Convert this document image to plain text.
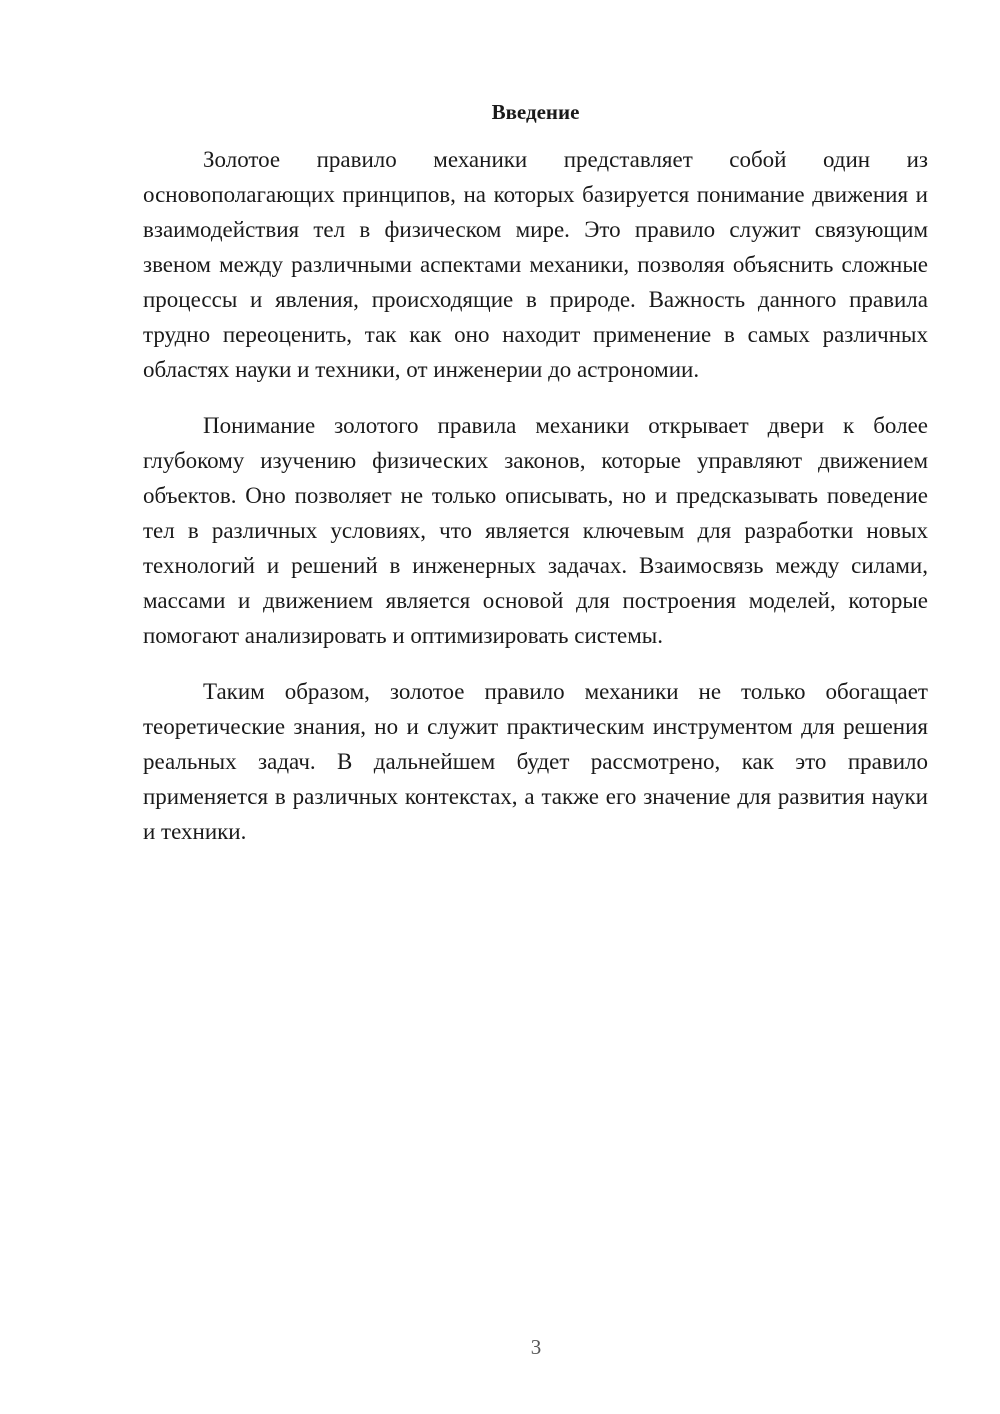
Введение

Золотое правило механики представляет собой один из основополагающих принципов, на которых базируется понимание движения и взаимодействия тел в физическом мире. Это правило служит связующим звеном между различными аспектами механики, позволяя объяснить сложные процессы и явления, происходящие в природе. Важность данного правила трудно переоценить, так как оно находит применение в самых различных областях науки и техники, от инженерии до астрономии.

Понимание золотого правила механики открывает двери к более глубокому изучению физических законов, которые управляют движением объектов. Оно позволяет не только описывать, но и предсказывать поведение тел в различных условиях, что является ключевым для разработки новых технологий и решений в инженерных задачах. Взаимосвязь между силами, массами и движением является основой для построения моделей, которые помогают анализировать и оптимизировать системы.

Таким образом, золотое правило механики не только обогащает теоретические знания, но и служит практическим инструментом для решения реальных задач. В дальнейшем будет рассмотрено, как это правило применяется в различных контекстах, а также его значение для развития науки и техники.

3
